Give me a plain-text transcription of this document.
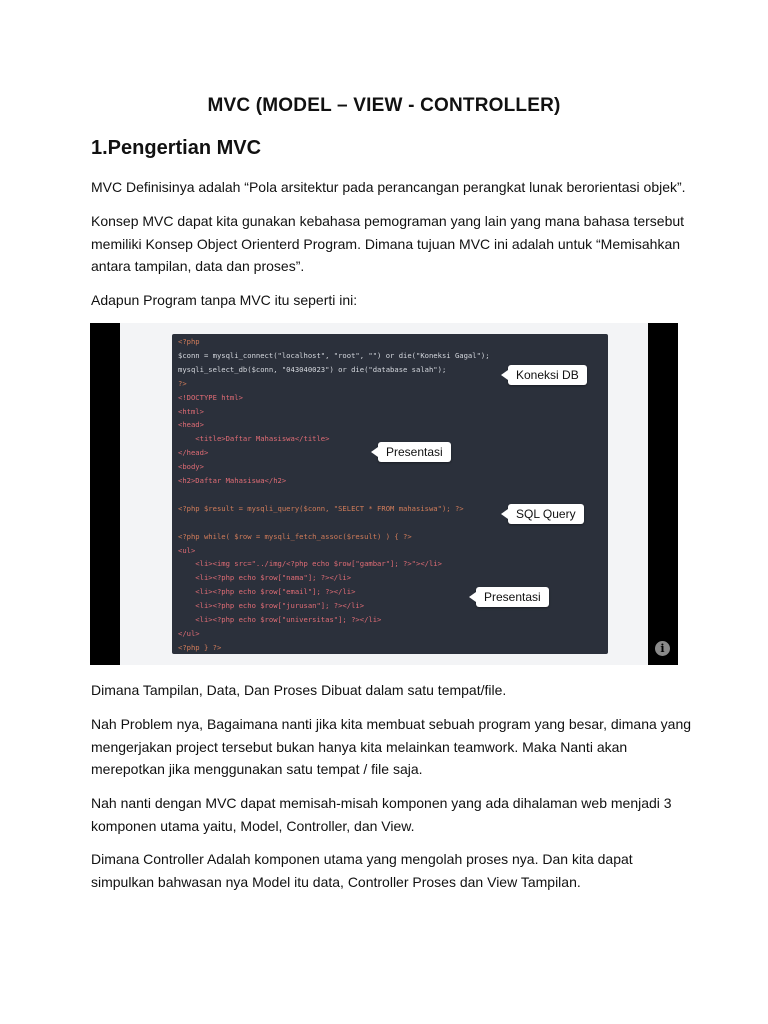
MVC (MODEL – VIEW - CONTROLLER)
1.Pengertian MVC

MVC Definisinya adalah “Pola arsitektur pada perancangan perangkat lunak berorientasi objek”.

Konsep MVC dapat kita gunakan kebahasa pemograman yang lain yang mana bahasa tersebut memiliki Konsep Object Orienterd Program. Dimana tujuan MVC ini adalah untuk “Memisahkan antara tampilan, data dan proses”.

Adapun Program tanpa MVC itu seperti ini:

<?php
$conn = mysqli_connect("localhost", "root", "") or die("Koneksi Gagal");
mysqli_select_db($conn, "043040023") or die("database salah");
?>
<!DOCTYPE html>
<html>
<head>
<title>Daftar Mahasiswa</title>
</head>
<body>
<h2>Daftar Mahasiswa</h2>
<?php $result = mysqli_query($conn, "SELECT * FROM mahasiswa"); ?>
<?php while( $row = mysqli_fetch_assoc($result) ) { ?>
<ul>
<li><img src="../img/<?php echo $row["gambar"]; ?>"></li>
<li><?php echo $row["nama"]; ?></li>
<li><?php echo $row["email"]; ?></li>
<li><?php echo $row["jurusan"]; ?></li>
<li><?php echo $row["universitas"]; ?></li>
</ul>
<?php } ?>
Koneksi DB
Presentasi
SQL Query
Presentasi
i

Dimana Tampilan, Data, Dan Proses Dibuat dalam satu tempat/file.

Nah Problem nya, Bagaimana nanti jika kita membuat sebuah program yang besar, dimana yang mengerjakan project tersebut bukan hanya kita melainkan teamwork. Maka Nanti akan merepotkan jika menggunakan satu tempat / file saja.

Nah nanti dengan MVC dapat memisah-misah komponen yang ada dihalaman web menjadi 3 komponen utama yaitu, Model, Controller, dan View.

Dimana Controller Adalah komponen utama yang mengolah proses nya. Dan kita dapat simpulkan bahwasan nya Model itu data, Controller Proses dan View Tampilan.
